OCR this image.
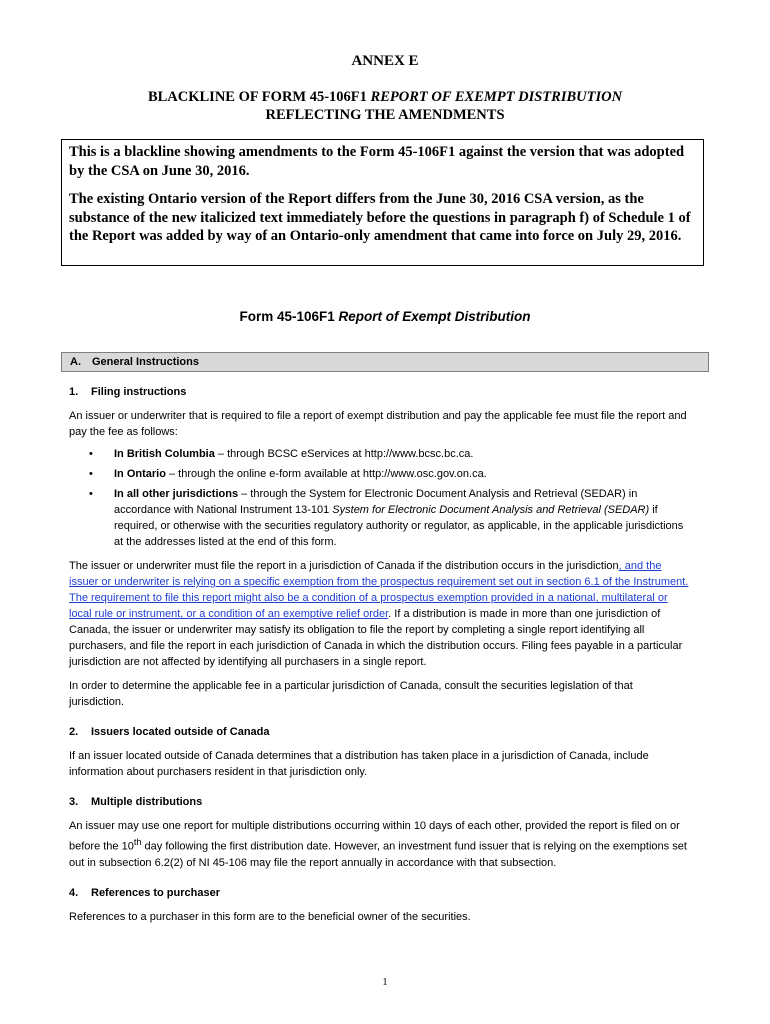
ANNEX E
BLACKLINE OF FORM 45-106F1 REPORT OF EXEMPT DISTRIBUTION
REFLECTING THE AMENDMENTS

This is a blackline showing amendments to the Form 45-106F1 against the version that was adopted by the CSA on June 30, 2016.

The existing Ontario version of the Report differs from the June 30, 2016 CSA version, as the substance of the new italicized text immediately before the questions in paragraph f) of Schedule 1 of the Report was added by way of an Ontario-only amendment that came into force on July 29, 2016.

Form 45-106F1 Report of Exempt Distribution
A. General Instructions

1. Filing instructions

An issuer or underwriter that is required to file a report of exempt distribution and pay the applicable fee must file the report and pay the fee as follows:

• In British Columbia – through BCSC eServices at http://www.bcsc.bc.ca.
• In Ontario – through the online e-form available at http://www.osc.gov.on.ca.
• In all other jurisdictions – through the System for Electronic Document Analysis and Retrieval (SEDAR) in accordance with National Instrument 13-101 System for Electronic Document Analysis and Retrieval (SEDAR) if required, or otherwise with the securities regulatory authority or regulator, as applicable, in the applicable jurisdictions at the addresses listed at the end of this form.

The issuer or underwriter must file the report in a jurisdiction of Canada if the distribution occurs in the jurisdiction, and the issuer or underwriter is relying on a specific exemption from the prospectus requirement set out in section 6.1 of the Instrument. The requirement to file this report might also be a condition of a prospectus exemption provided in a national, multilateral or local rule or instrument, or a condition of an exemptive relief order. If a distribution is made in more than one jurisdiction of Canada, the issuer or underwriter may satisfy its obligation to file the report by completing a single report identifying all purchasers, and file the report in each jurisdiction of Canada in which the distribution occurs. Filing fees payable in a particular jurisdiction are not affected by identifying all purchasers in a single report.

In order to determine the applicable fee in a particular jurisdiction of Canada, consult the securities legislation of that jurisdiction.

2. Issuers located outside of Canada

If an issuer located outside of Canada determines that a distribution has taken place in a jurisdiction of Canada, include information about purchasers resident in that jurisdiction only.

3. Multiple distributions

An issuer may use one report for multiple distributions occurring within 10 days of each other, provided the report is filed on or before the 10th day following the first distribution date. However, an investment fund issuer that is relying on the exemptions set out in subsection 6.2(2) of NI 45-106 may file the report annually in accordance with that subsection.

4. References to purchaser

References to a purchaser in this form are to the beneficial owner of the securities.

1
